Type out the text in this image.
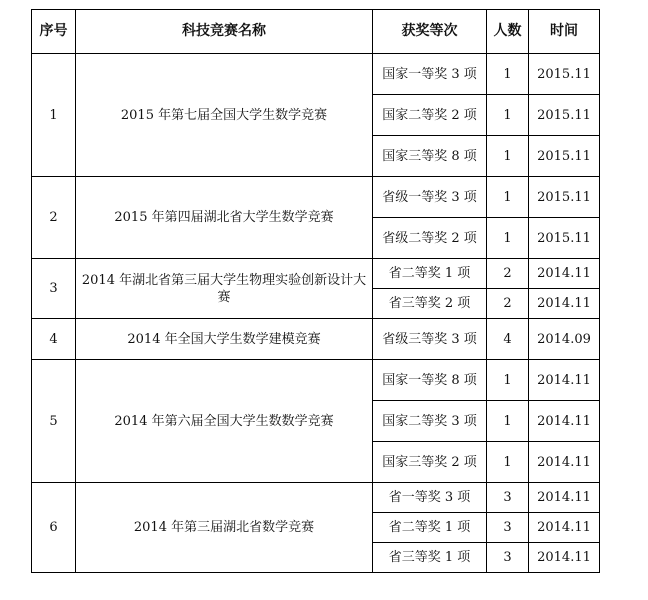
序号	科技竞赛名称	获奖等次	人数	时间
1	2015 年第七届全国大学生数学竞赛	国家一等奖 3 项	1	2015.11
		国家二等奖 2 项	1	2015.11
		国家三等奖 8 项	1	2015.11
2	2015 年第四届湖北省大学生数学竞赛	省级一等奖 3 项	1	2015.11
		省级二等奖 2 项	1	2015.11
3	2014 年湖北省第三届大学生物理实验创新设计大赛	省二等奖 1 项	2	2014.11
		省三等奖 2 项	2	2014.11
4	2014 年全国大学生数学建模竞赛	省级三等奖 3 项	4	2014.09
5	2014 年第六届全国大学生数数学竞赛	国家一等奖 8 项	1	2014.11
		国家二等奖 3 项	1	2014.11
		国家三等奖 2 项	1	2014.11
6	2014 年第三届湖北省数学竞赛	省一等奖 3 项	3	2014.11
		省二等奖 1 项	3	2014.11
		省三等奖 1 项	3	2014.11
